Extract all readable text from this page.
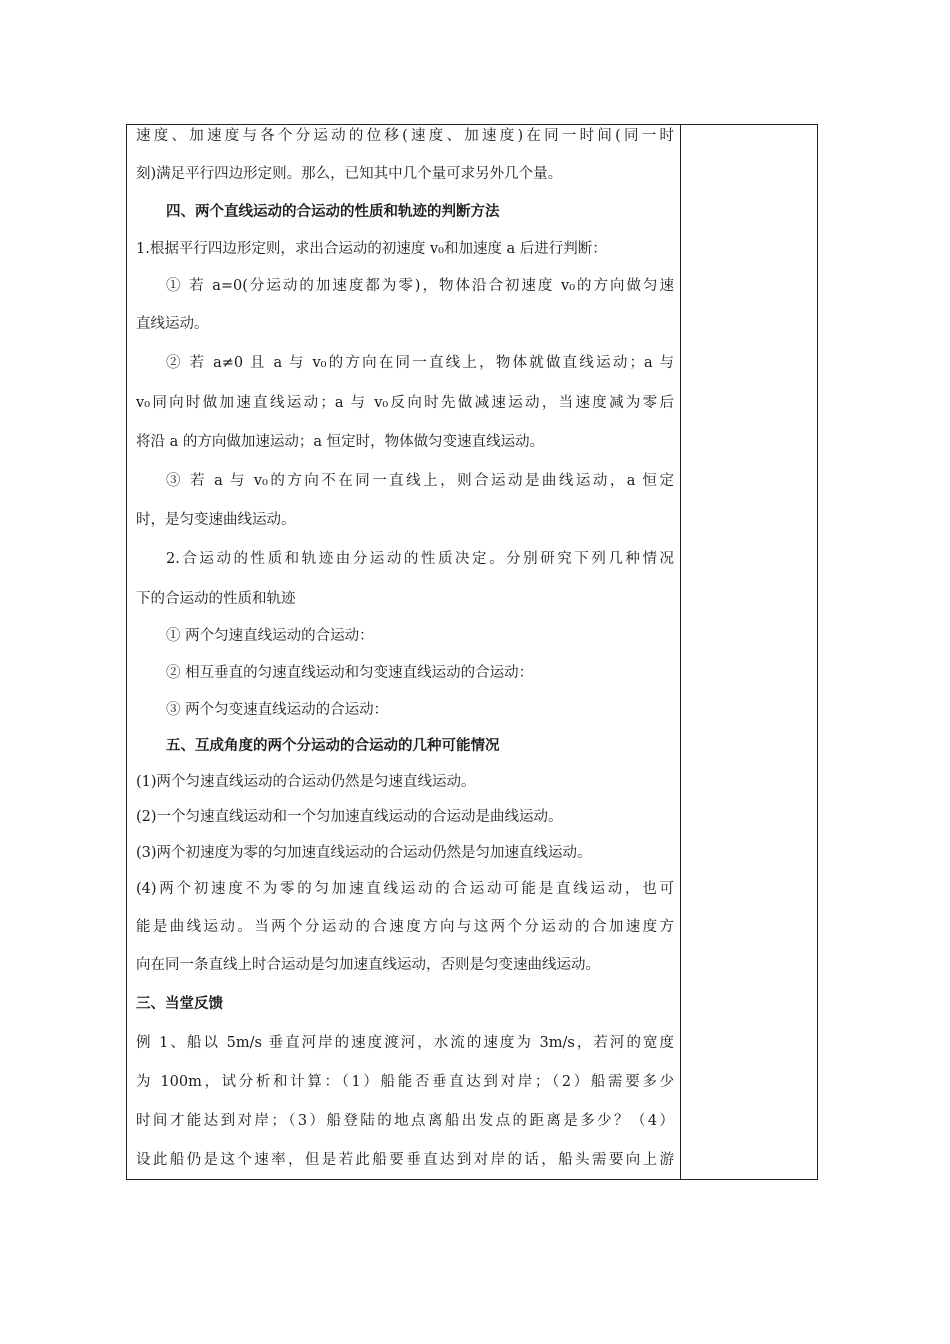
速度、加速度与各个分运动的位移(速度、加速度)在同一时间(同一时
刻)满足平行四边形定则。那么，已知其中几个量可求另外几个量。
四、两个直线运动的合运动的性质和轨迹的判断方法
1.根据平行四边形定则，求出合运动的初速度 v₀和加速度 a 后进行判断：
① 若 a=0(分运动的加速度都为零)，物体沿合初速度 v₀的方向做匀速
直线运动。
② 若 a≠0 且 a 与 v₀的方向在同一直线上，物体就做直线运动；a 与
v₀同向时做加速直线运动；a 与 v₀反向时先做减速运动，当速度减为零后
将沿 a 的方向做加速运动；a 恒定时，物体做匀变速直线运动。
③ 若 a 与 v₀的方向不在同一直线上，则合运动是曲线运动，a 恒定
时，是匀变速曲线运动。
2.合运动的性质和轨迹由分运动的性质决定。分别研究下列几种情况
下的合运动的性质和轨迹
① 两个匀速直线运动的合运动：
② 相互垂直的匀速直线运动和匀变速直线运动的合运动：
③ 两个匀变速直线运动的合运动：
五、互成角度的两个分运动的合运动的几种可能情况
(1)两个匀速直线运动的合运动仍然是匀速直线运动。
(2)一个匀速直线运动和一个匀加速直线运动的合运动是曲线运动。
(3)两个初速度为零的匀加速直线运动的合运动仍然是匀加速直线运动。
(4)两个初速度不为零的匀加速直线运动的合运动可能是直线运动，也可
能是曲线运动。当两个分运动的合速度方向与这两个分运动的合加速度方
向在同一条直线上时合运动是匀加速直线运动，否则是匀变速曲线运动。
三、当堂反馈
例 1、船以 5m/s 垂直河岸的速度渡河，水流的速度为 3m/s，若河的宽度
为 100m，试分析和计算：（1）船能否垂直达到对岸；（2）船需要多少
时间才能达到对岸；（3）船登陆的地点离船出发点的距离是多少？（4）
设此船仍是这个速率，但是若此船要垂直达到对岸的话，船头需要向上游
